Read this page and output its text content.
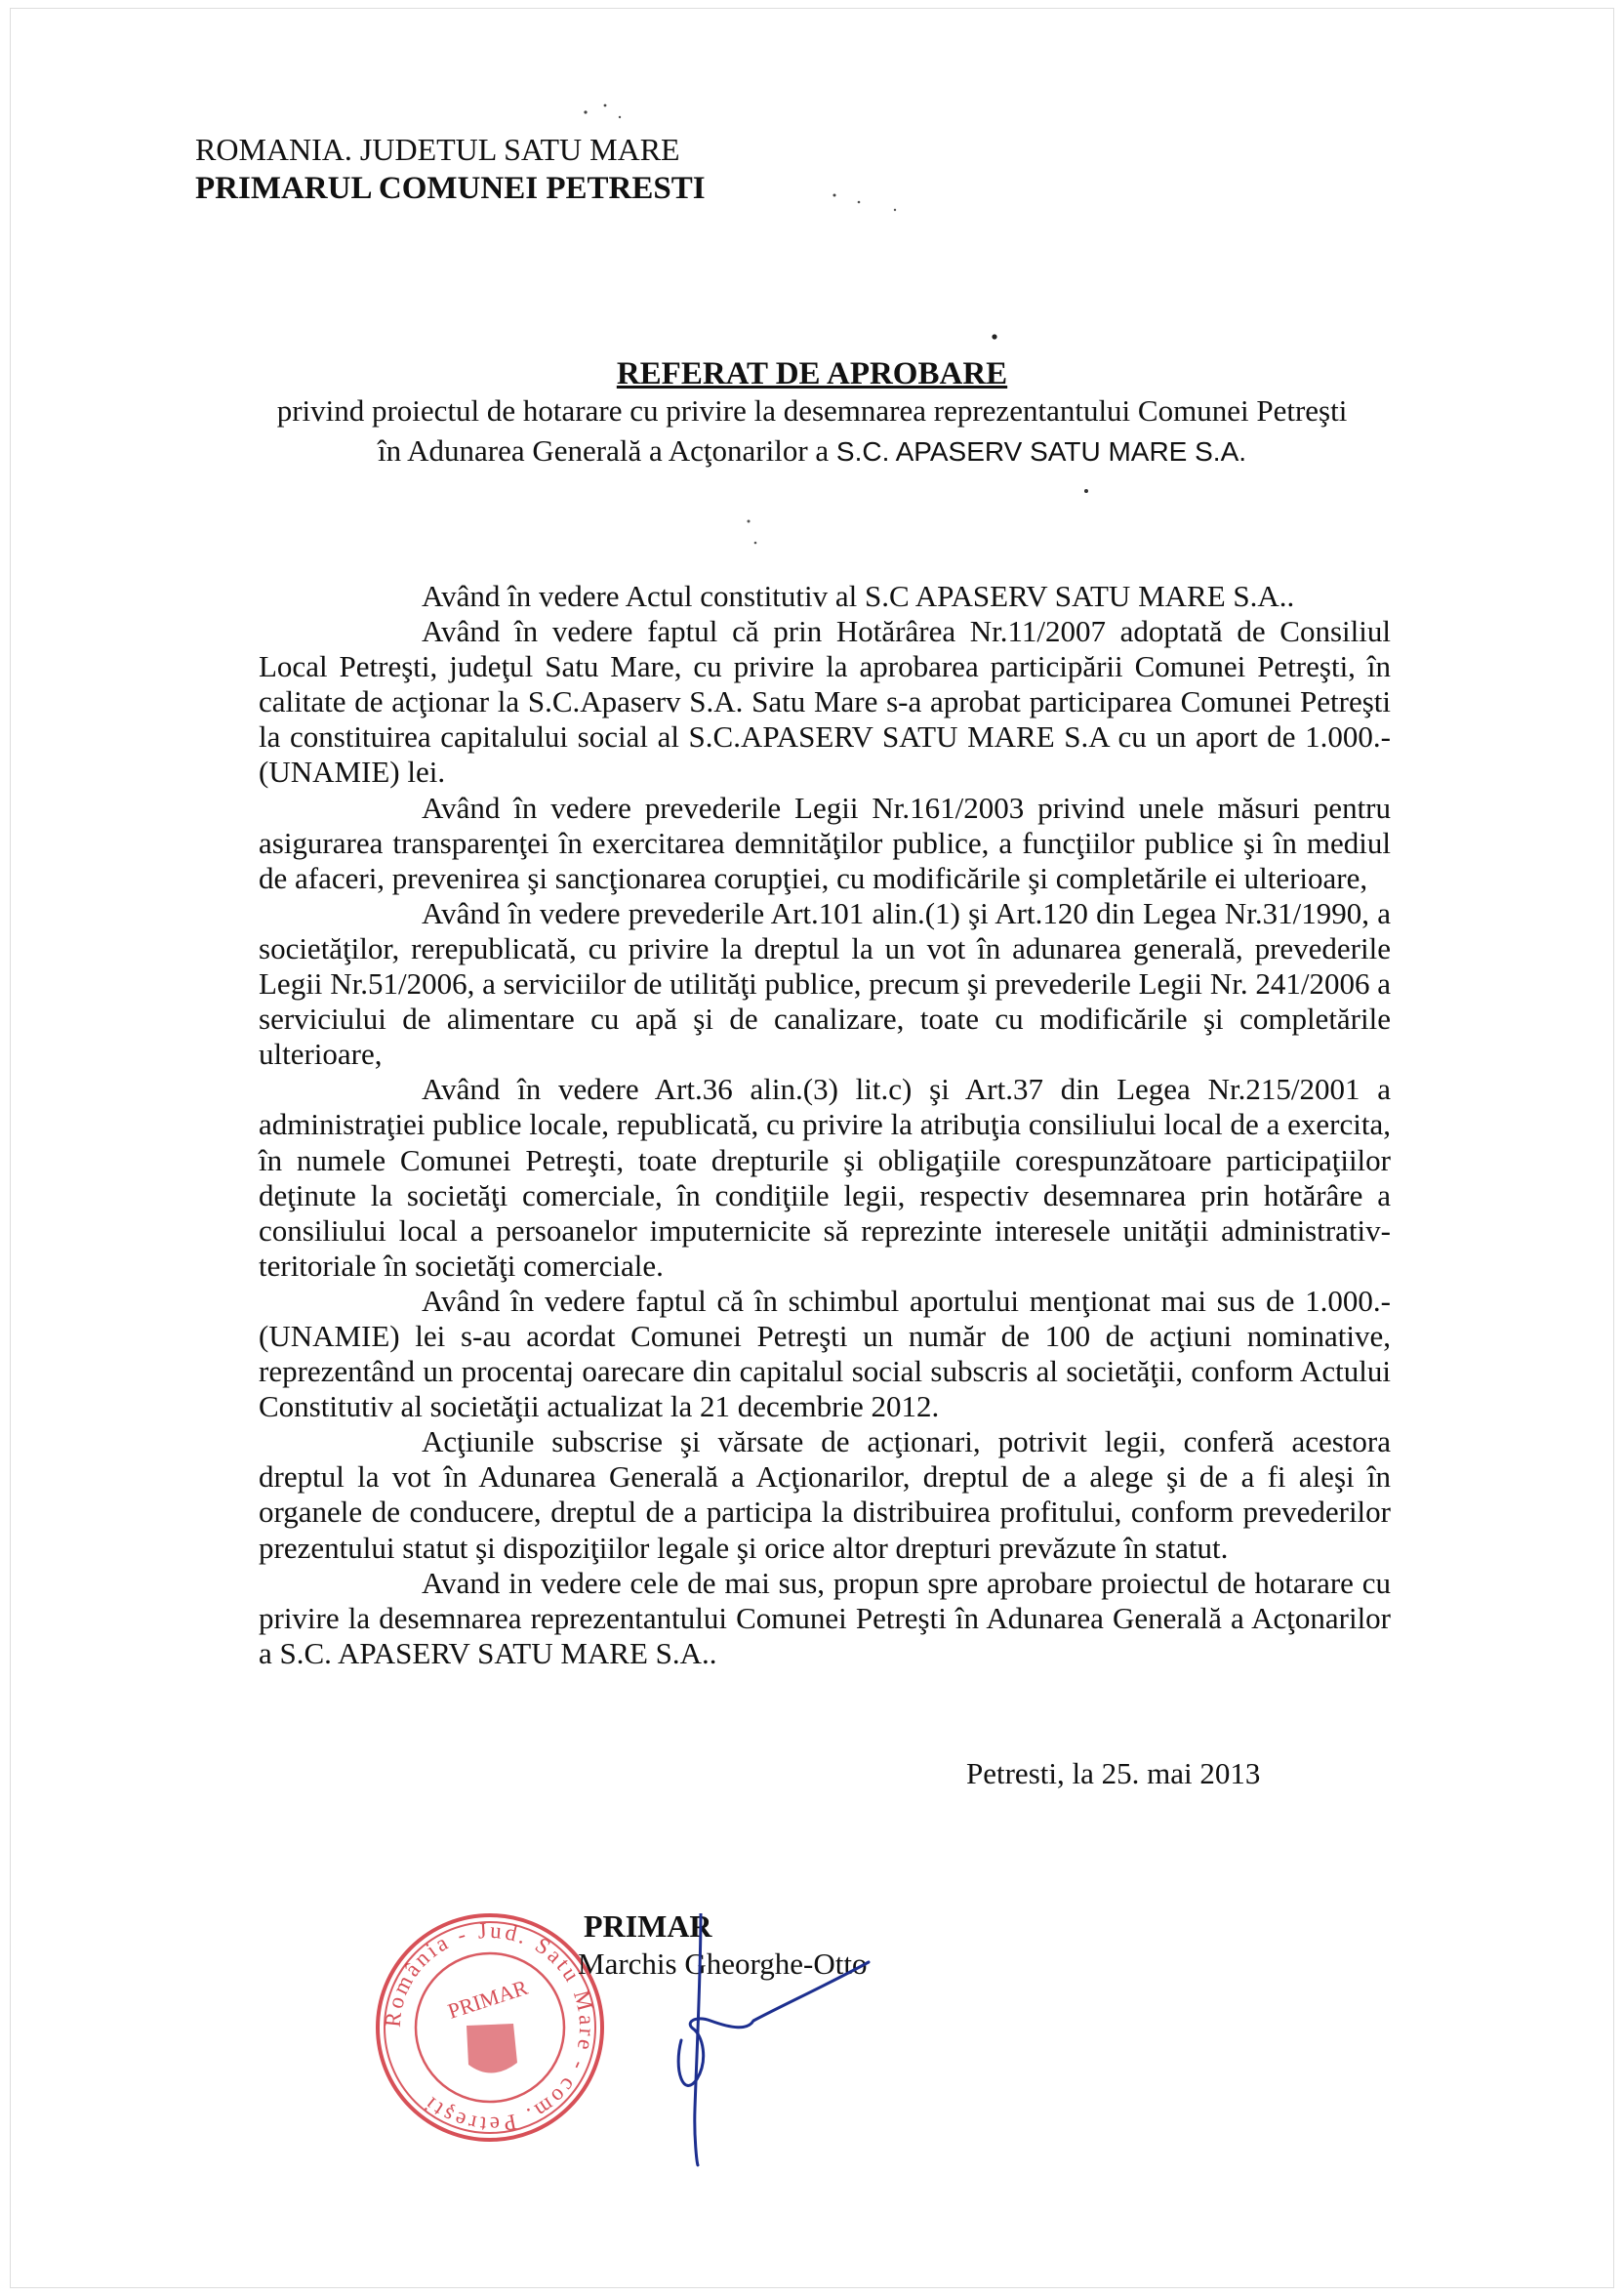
ROMANIA. JUDETUL SATU MARE
PRIMARUL COMUNEI PETRESTI
REFERAT DE APROBARE
privind proiectul de hotarare cu privire la desemnarea reprezentantului Comunei Petreşti
în Adunarea Generală a Acţonarilor a S.C. APASERV SATU MARE S.A.

Având în vedere Actul constitutiv al S.C APASERV SATU MARE S.A..

Având în vedere faptul că prin Hotărârea Nr.11/2007 adoptată de Consiliul Local Petreşti, judeţul Satu Mare, cu privire la aprobarea participării Comunei Petreşti, în calitate de acţionar la S.C.Apaserv S.A. Satu Mare s-a aprobat participarea Comunei Petreşti la constituirea capitalului social al S.C.APASERV SATU MARE S.A cu un aport de 1.000.- (UNAMIE) lei.

Având în vedere prevederile Legii Nr.161/2003 privind unele măsuri pentru asigurarea transparenţei în exercitarea demnităţilor publice, a funcţiilor publice şi în mediul de afaceri, prevenirea şi sancţionarea corupţiei, cu modificările şi completările ei ulterioare,

Având în vedere prevederile Art.101 alin.(1) şi Art.120 din Legea Nr.31/1990, a societăţilor, rerepublicată, cu privire la dreptul la un vot în adunarea generală, prevederile Legii Nr.51/2006, a serviciilor de utilităţi publice, precum şi prevederile Legii Nr. 241/2006 a serviciului de alimentare cu apă şi de canalizare, toate cu modificările şi completările ulterioare,

Având în vedere Art.36 alin.(3) lit.c) şi Art.37 din Legea Nr.215/2001 a administraţiei publice locale, republicată, cu privire la atribuţia consiliului local de a exercita, în numele Comunei Petreşti, toate drepturile şi obligaţiile corespunzătoare participaţiilor deţinute la societăţi comerciale, în condiţiile legii, respectiv desemnarea prin hotărâre a consiliului local a persoanelor imputernicite să reprezinte interesele unităţii administrativ-teritoriale în societăţi comerciale.

Având în vedere faptul că în schimbul aportului menţionat mai sus de 1.000.- (UNAMIE) lei s-au acordat Comunei Petreşti un număr de 100 de acţiuni nominative, reprezentând un procentaj oarecare din capitalul social subscris al societăţii, conform Actului Constitutiv al societăţii actualizat la 21 decembrie 2012.

Acţiunile subscrise şi vărsate de acţionari, potrivit legii, conferă acestora dreptul la vot în Adunarea Generală a Acţionarilor, dreptul de a alege şi de a fi aleşi în organele de conducere, dreptul de a participa la distribuirea profitului, conform prevederilor prezentului statut şi dispoziţiilor legale şi orice altor drepturi prevăzute în statut.

Avand in vedere cele de mai sus, propun spre aprobare proiectul de hotarare cu privire la desemnarea reprezentantului Comunei Petreşti în Adunarea Generală a Acţonarilor a S.C. APASERV SATU MARE S.A..

Petresti, la 25. mai 2013
România - Jud. Satu Mare - com. Petreşti
PRIMAR
PRIMAR
Marchis Gheorghe-Otto
